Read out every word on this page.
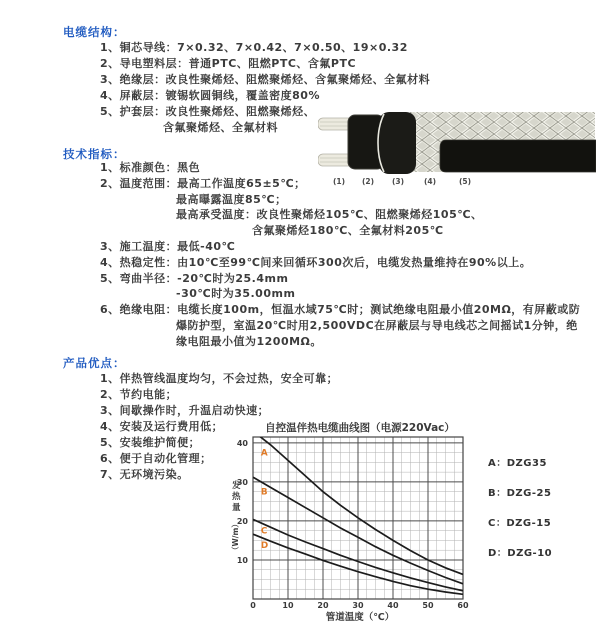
电缆结构：
1、铜芯导线：7×0.32、7×0.42、7×0.50、19×0.32
2、导电塑料层：普通PTC、阻燃PTC、含氟PTC
3、绝缘层：改良性聚烯烃、阻燃聚烯烃、含氟聚烯烃、全氟材料
4、屏蔽层：镀锡软圆铜线，覆盖密度80%
5、护套层：改良性聚烯烃、阻燃聚烯烃、
含氟聚烯烃、全氟材料
(1) (2) (3)	(4)	(5)
技术指标：
1、标准颜色：黑色
2、温度范围：最高工作温度65±5℃；
最高曝露温度85℃；
最高承受温度：改良性聚烯烃105℃、阻燃聚烯烃105℃、
含氟聚烯烃180℃、全氟材料205℃
3、施工温度：最低-40℃
4、热稳定性：由10℃至99℃间来回循环300次后，电缆发热量维持在90%以上。
5、弯曲半径：-20℃时为25.4mm
-30℃时为35.00mm
6、绝缘电阻：电缆长度100m，恒温水域75℃时；测试绝缘电阻最小值20MΩ，有屏蔽或防
爆防护型，室温20℃时用2,500VDC在屏蔽层与导电线芯之间摇试1分钟，绝
缘电阻最小值为1200MΩ。
产品优点：
1、伴热管线温度均匀，不会过热，安全可靠；
2、节约电能；
3、间歇操作时，升温启动快速；
4、安装及运行费用低；
5、安装维护简便；
6、便于自动化管理；
7、无环境污染。
A
B
C
D
10
20
30
40
0	10	20	30	40	50	60
自控温伴热电缆曲线图（电源220Vac）
发
热
量
（W/m）
管道温度（℃）
A：DZG35
B：DZG-25
C：DZG-15
D：DZG-10
